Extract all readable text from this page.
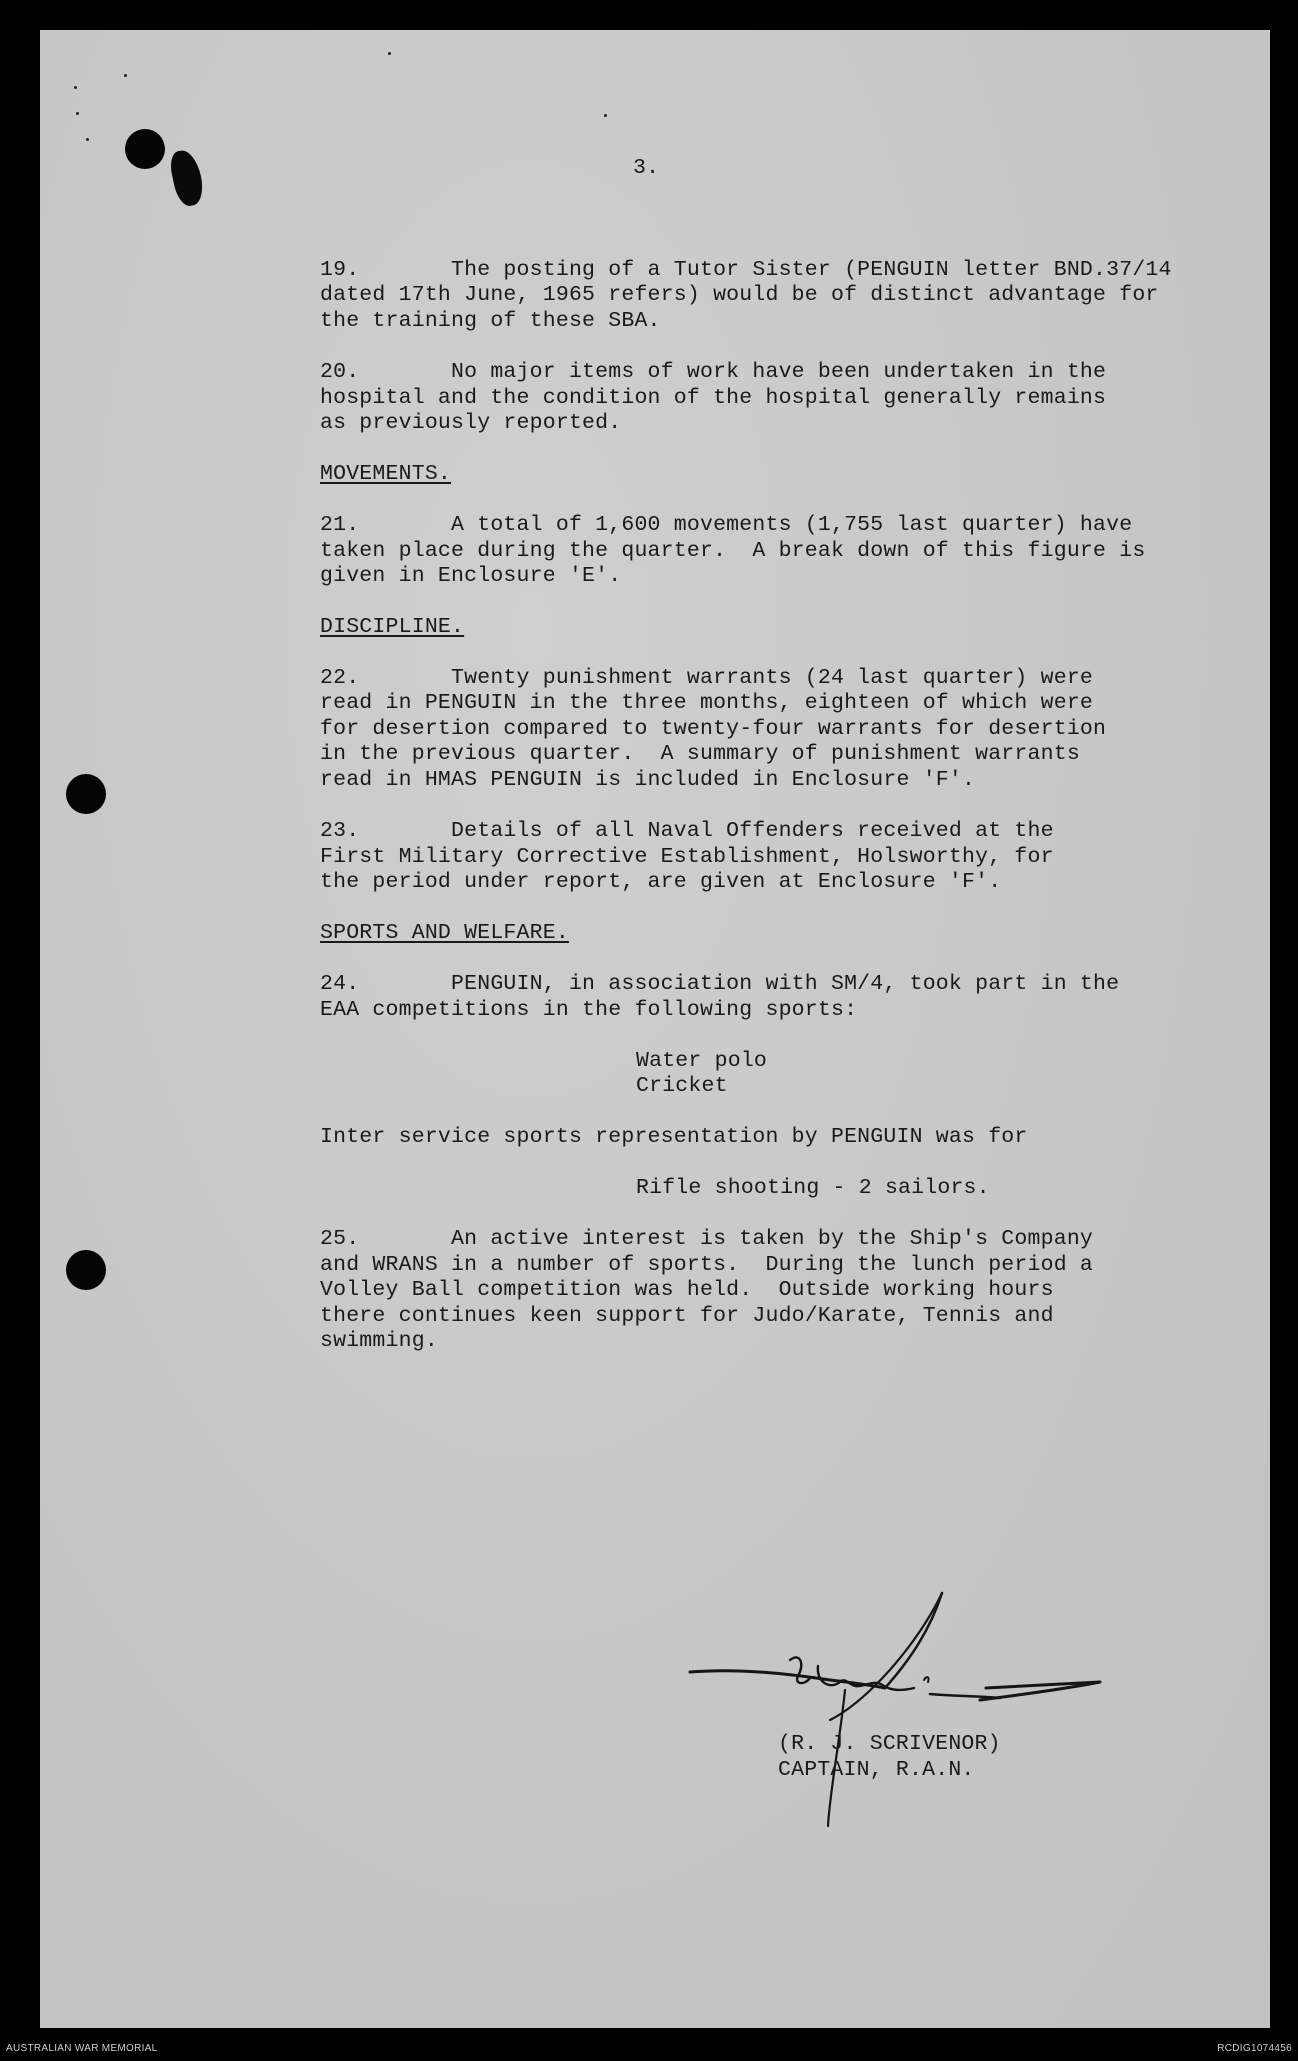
3.
19.       The posting of a Tutor Sister (PENGUIN letter BND.37/14
dated 17th June, 1965 refers) would be of distinct advantage for
the training of these SBA.
20.       No major items of work have been undertaken in the
hospital and the condition of the hospital generally remains
as previously reported.
MOVEMENTS.
21.       A total of 1,600 movements (1,755 last quarter) have
taken place during the quarter.  A break down of this figure is
given in Enclosure 'E'.
DISCIPLINE.
22.       Twenty punishment warrants (24 last quarter) were
read in PENGUIN in the three months, eighteen of which were
for desertion compared to twenty-four warrants for desertion
in the previous quarter.  A summary of punishment warrants
read in HMAS PENGUIN is included in Enclosure 'F'.
23.       Details of all Naval Offenders received at the
First Military Corrective Establishment, Holsworthy, for
the period under report, are given at Enclosure 'F'.
SPORTS AND WELFARE.
24.       PENGUIN, in association with SM/4, took part in the
EAA competitions in the following sports:
Water polo
Cricket
Inter service sports representation by PENGUIN was for
Rifle shooting - 2 sailors.
25.       An active interest is taken by the Ship's Company
and WRANS in a number of sports.  During the lunch period a
Volley Ball competition was held.  Outside working hours
there continues keen support for Judo/Karate, Tennis and
swimming.
(R. J. SCRIVENOR)
CAPTAIN, R.A.N.
AUSTRALIAN WAR MEMORIAL	RCDIG1074456
